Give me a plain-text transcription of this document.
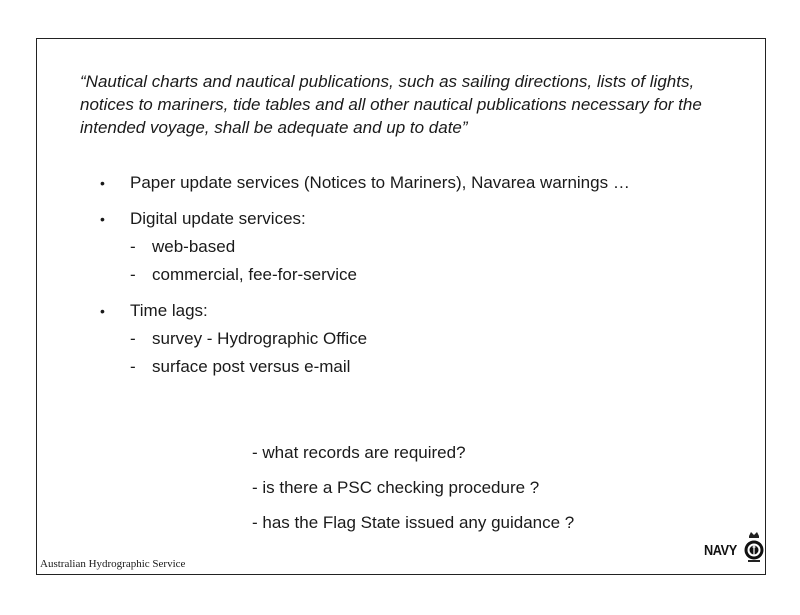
“Nautical charts and nautical publications, such as sailing directions, lists of lights, notices to mariners, tide tables and all other nautical publications necessary for the intended voyage, shall be adequate and up to date”

•	Paper update services (Notices to Mariners), Navarea warnings …
•	Digital update services:
- web-based
- commercial, fee-for-service
•	Time lags:
- survey - Hydrographic Office
- surface post versus e-mail
- what records are required?
- is there a PSC checking procedure ?
- has the Flag State issued any guidance ?
Australian Hydrographic Service
NAVY
